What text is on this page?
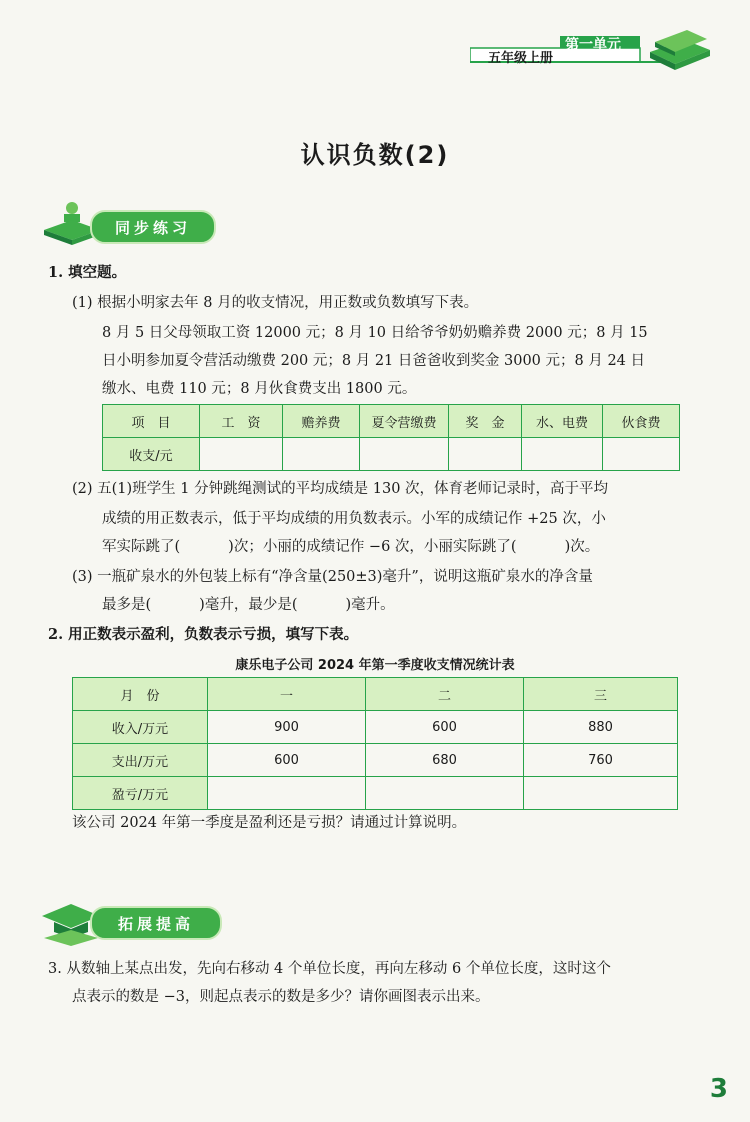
五年级上册
第一单元
认识负数(2)
同步练习
1. 填空题。
(1) 根据小明家去年 8 月的收支情况，用正数或负数填写下表。
8 月 5 日父母领取工资 12000 元；8 月 10 日给爷爷奶奶赡养费 2000 元；8 月 15
日小明参加夏令营活动缴费 200 元；8 月 21 日爸爸收到奖金 3000 元；8 月 24 日
缴水、电费 110 元；8 月伙食费支出 1800 元。
项　目	工　资	赡养费	夏令营缴费	奖　金	水、电费	伙食费
收支/元						
(2) 五(1)班学生 1 分钟跳绳测试的平均成绩是 130 次，体育老师记录时，高于平均
成绩的用正数表示，低于平均成绩的用负数表示。小军的成绩记作 +25 次，小
军实际跳了(	)次；小丽的成绩记作 −6 次，小丽实际跳了(	)次。
(3) 一瓶矿泉水的外包装上标有“净含量(250±3)毫升”，说明这瓶矿泉水的净含量
最多是(	)毫升，最少是(	)毫升。
2. 用正数表示盈利，负数表示亏损，填写下表。
康乐电子公司 2024 年第一季度收支情况统计表
月　份	一	二	三
收入/万元	900	600	880
支出/万元	600	680	760
盈亏/万元			
该公司 2024 年第一季度是盈利还是亏损？请通过计算说明。
拓展提高
3. 从数轴上某点出发，先向右移动 4 个单位长度，再向左移动 6 个单位长度，这时这个
点表示的数是 −3，则起点表示的数是多少？请你画图表示出来。
3
